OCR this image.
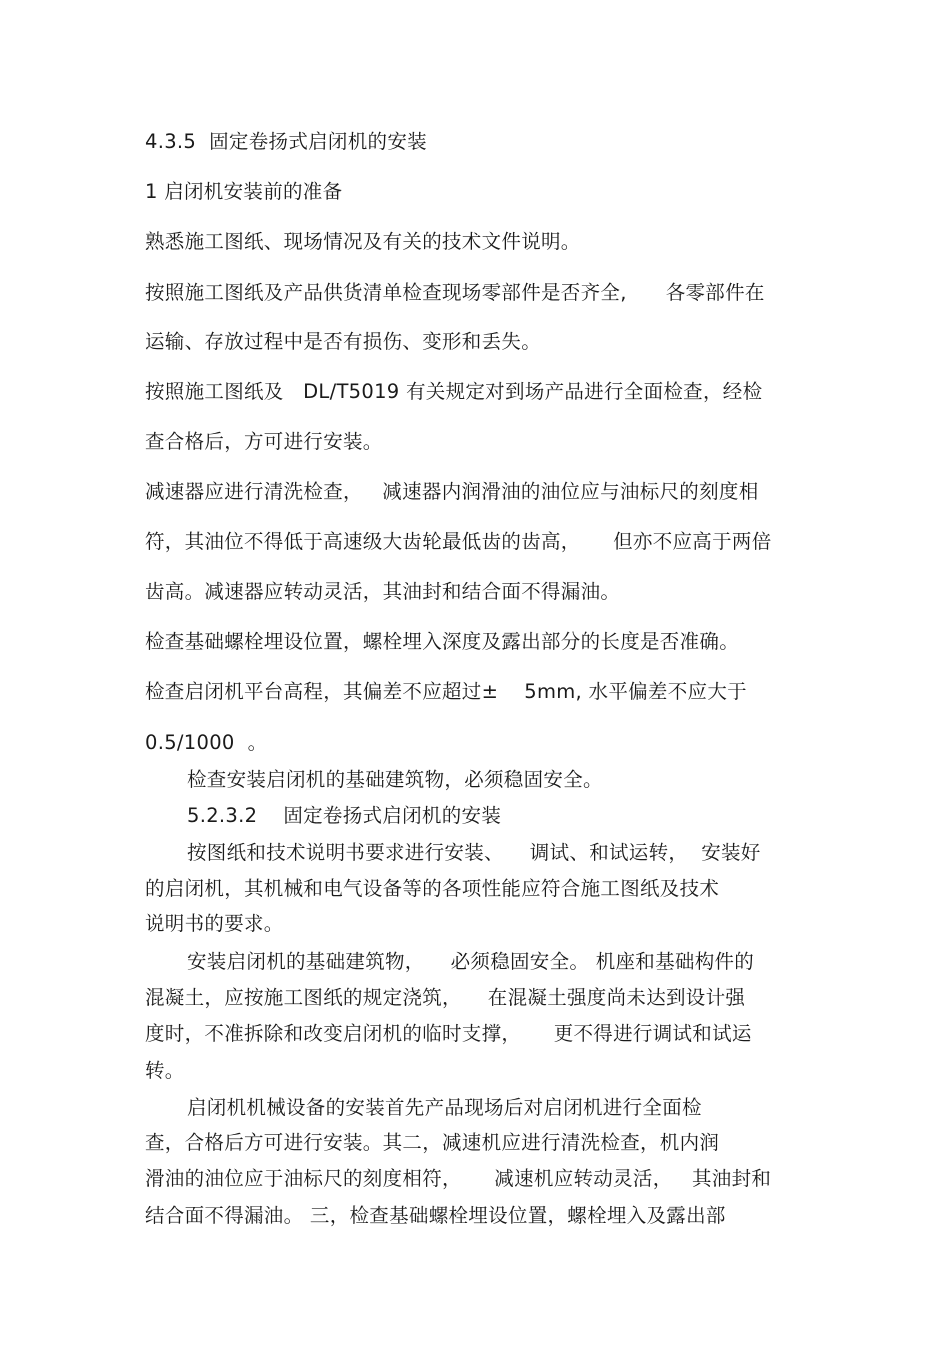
4.3.5  固定卷扬式启闭机的安装

1 启闭机安装前的准备

熟悉施工图纸、现场情况及有关的技术文件说明。

按照施工图纸及产品供货清单检查现场零部件是否齐全,      各零部件在

运输、存放过程中是否有损伤、变形和丢失。

按照施工图纸及   DL/T5019 有关规定对到场产品进行全面检查，经检

查合格后，方可进行安装。

减速器应进行清洗检查，   减速器内润滑油的油位应与油标尺的刻度相

符，其油位不得低于高速级大齿轮最低齿的齿高，     但亦不应高于两倍

齿高。减速器应转动灵活，其油封和结合面不得漏油。

检查基础螺栓埋设位置，螺栓埋入深度及露出部分的长度是否准确。

检查启闭机平台高程，其偏差不应超过±    5mm, 水平偏差不应大于

0.5/1000  。

检查安装启闭机的基础建筑物，必须稳固安全。

5.2.3.2    固定卷扬式启闭机的安装

按图纸和技术说明书要求进行安装、    调试、和试运转，  安装好

的启闭机，其机械和电气设备等的各项性能应符合施工图纸及技术

说明书的要求。

安装启闭机的基础建筑物，    必须稳固安全。 机座和基础构件的

混凝土，应按施工图纸的规定浇筑，    在混凝土强度尚未达到设计强

度时，不准拆除和改变启闭机的临时支撑，     更不得进行调试和试运

转。

启闭机机械设备的安装首先产品现场后对启闭机进行全面检

查，合格后方可进行安装。其二，减速机应进行清洗检查，机内润

滑油的油位应于油标尺的刻度相符，     减速机应转动灵活，   其油封和

结合面不得漏油。 三，检查基础螺栓埋设位置，螺栓埋入及露出部
